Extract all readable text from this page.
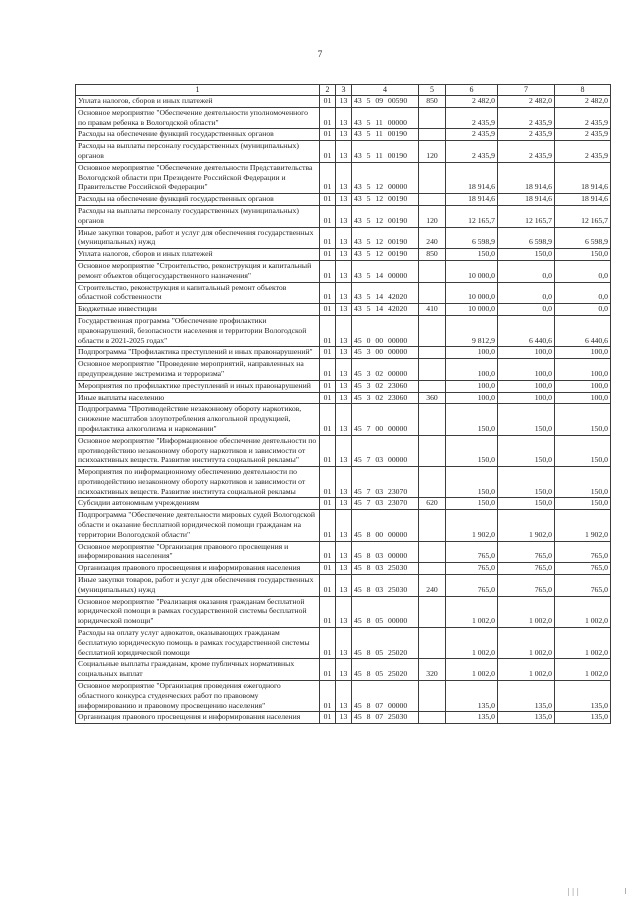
7
1	2	3	4	5	6	7	8
Уплата налогов, сборов и иных платежей	01	13	43 5 09 00590	850	2 482,0	2 482,0	2 482,0
Основное мероприятие "Обеспечение деятельности уполномоченного по правам ребенка в Вологодской области"	01	13	43 5 11 00000		2 435,9	2 435,9	2 435,9
Расходы на обеспечение функций государственных органов	01	13	43 5 11 00190		2 435,9	2 435,9	2 435,9
Расходы на выплаты персоналу государственных (муниципальных) органов	01	13	43 5 11 00190	120	2 435,9	2 435,9	2 435,9
Основное мероприятие "Обеспечение деятельности Представительства Вологодской области при Президенте Российской Федерации и Правительстве Российской Федерации"	01	13	43 5 12 00000		18 914,6	18 914,6	18 914,6
Расходы на обеспечение функций государственных органов	01	13	43 5 12 00190		18 914,6	18 914,6	18 914,6
Расходы на выплаты персоналу государственных (муниципальных) органов	01	13	43 5 12 00190	120	12 165,7	12 165,7	12 165,7
Иные закупки товаров, работ и услуг для обеспечения государственных (муниципальных) нужд	01	13	43 5 12 00190	240	6 598,9	6 598,9	6 598,9
Уплата налогов, сборов и иных платежей	01	13	43 5 12 00190	850	150,0	150,0	150,0
Основное мероприятие "Строительство, реконструкция и капитальный ремонт объектов общегосударственного назначения"	01	13	43 5 14 00000		10 000,0	0,0	0,0
Строительство, реконструкция и капитальный ремонт объектов областной собственности	01	13	43 5 14 42020		10 000,0	0,0	0,0
Бюджетные инвестиции	01	13	43 5 14 42020	410	10 000,0	0,0	0,0
Государственная программа "Обеспечение профилактики правонарушений, безопасности населения и территории Вологодской области в 2021-2025 годах"	01	13	45 0 00 00000		9 812,9	6 440,6	6 440,6
Подпрограмма "Профилактика преступлений и иных правонарушений"	01	13	45 3 00 00000		100,0	100,0	100,0
Основное мероприятие "Проведение мероприятий, направленных на предупреждение экстремизма и терроризма"	01	13	45 3 02 00000		100,0	100,0	100,0
Мероприятия по профилактике преступлений и иных правонарушений	01	13	45 3 02 23060		100,0	100,0	100,0
Иные выплаты населению	01	13	45 3 02 23060	360	100,0	100,0	100,0
Подпрограмма "Противодействие незаконному обороту наркотиков, снижение масштабов злоупотребления алкогольной продукцией, профилактика алкоголизма и наркомании"	01	13	45 7 00 00000		150,0	150,0	150,0
Основное мероприятие "Информационное обеспечение деятельности по противодействию незаконному обороту наркотиков и зависимости от психоактивных веществ. Развитие института социальной рекламы"	01	13	45 7 03 00000		150,0	150,0	150,0
Мероприятия по информационному обеспечению деятельности по противодействию незаконному обороту наркотиков и зависимости от психоактивных веществ. Развитие института социальной рекламы	01	13	45 7 03 23070		150,0	150,0	150,0
Субсидии автономным учреждениям	01	13	45 7 03 23070	620	150,0	150,0	150,0
Подпрограмма "Обеспечение деятельности мировых судей Вологодской области и оказание бесплатной юридической помощи гражданам на территории Вологодской области"	01	13	45 8 00 00000		1 902,0	1 902,0	1 902,0
Основное мероприятие "Организация правового просвещения и информирования населения"	01	13	45 8 03 00000		765,0	765,0	765,0
Организация правового просвещения и информирования населения	01	13	45 8 03 25030		765,0	765,0	765,0
Иные закупки товаров, работ и услуг для обеспечения государственных (муниципальных) нужд	01	13	45 8 03 25030	240	765,0	765,0	765,0
Основное мероприятие "Реализация оказания гражданам бесплатной юридической помощи в рамках государственной системы бесплатной юридической помощи"	01	13	45 8 05 00000		1 002,0	1 002,0	1 002,0
Расходы на оплату услуг адвокатов, оказывающих гражданам бесплатную юридическую помощь в рамках государственной системы бесплатной юридической помощи	01	13	45 8 05 25020		1 002,0	1 002,0	1 002,0
Социальные выплаты гражданам, кроме публичных нормативных социальных выплат	01	13	45 8 05 25020	320	1 002,0	1 002,0	1 002,0
Основное мероприятие "Организация проведения ежегодного областного конкурса студенческих работ по правовому информированию и правовому просвещению населения"	01	13	45 8 07 00000		135,0	135,0	135,0
Организация правового просвещения и информирования населения	01	13	45 8 07 25030		135,0	135,0	135,0
|||
